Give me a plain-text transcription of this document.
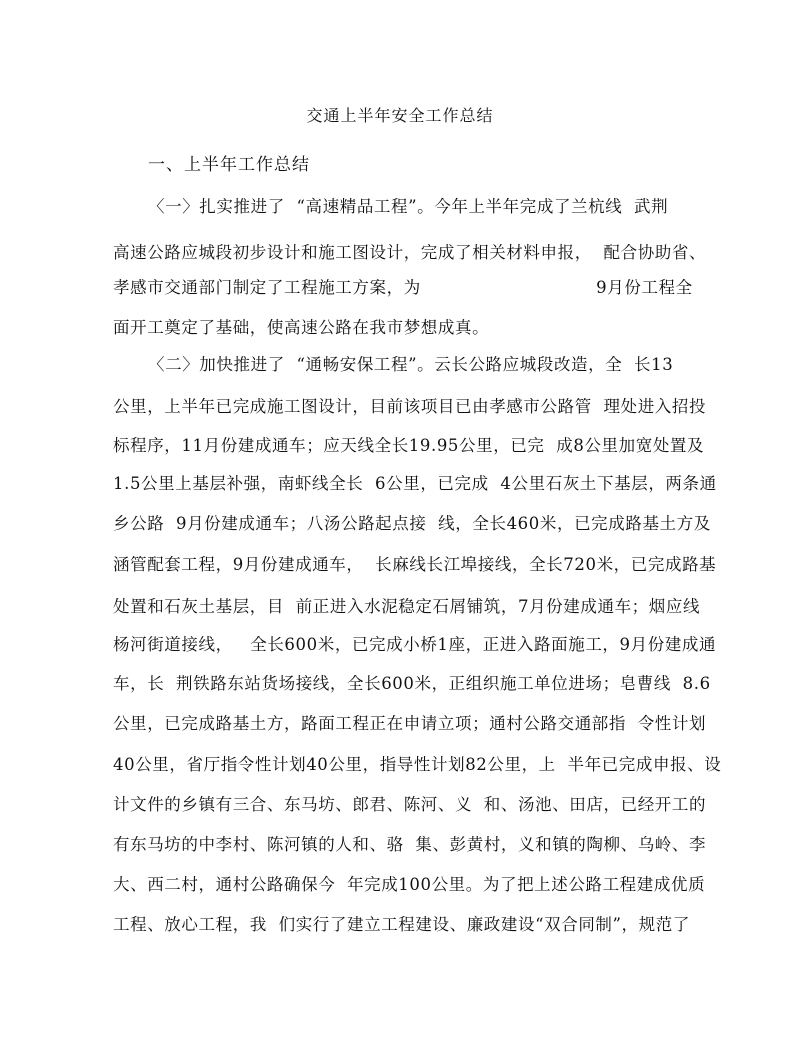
交通上半年安全工作总结
一、上半年工作总结
〈一〉扎实推进了  “高速精品工程”。今年上半年完成了兰杭线  武荆
高速公路应城段初步设计和施工图设计，完成了相关材料申报，  配合协助省、
孝感市交通部门制定了工程施工方案，为                              9月份工程全
面开工奠定了基础，使高速公路在我市梦想成真。
〈二〉加快推进了  “通畅安保工程”。云长公路应城段改造，全  长13
公里，上半年已完成施工图设计，目前该项目已由孝感市公路管  理处进入招投
标程序，11月份建成通车；应天线全长19.95公里，已完  成8公里加宽处置及
1.5公里上基层补强，南虾线全长  6公里，已完成  4公里石灰土下基层，两条通
乡公路  9月份建成通车；八汤公路起点接  线，全长460米，已完成路基土方及
涵管配套工程，9月份建成通车，  长麻线长江埠接线，全长720米，已完成路基
处置和石灰土基层，目  前正进入水泥稳定石屑铺筑，7月份建成通车；烟应线
杨河街道接线，   全长600米，已完成小桥1座，正进入路面施工，9月份建成通
车，长  荆铁路东站货场接线，全长600米，正组织施工单位进场；皂曹线  8.6
公里，已完成路基土方，路面工程正在申请立项；通村公路交通部指  令性计划
40公里，省厅指令性计划40公里，指导性计划82公里，上  半年已完成申报、设
计文件的乡镇有三合、东马坊、郎君、陈河、义  和、汤池、田店，已经开工的
有东马坊的中李村、陈河镇的人和、骆  集、彭黄村，义和镇的陶柳、乌岭、李
大、西二村，通村公路确保今  年完成100公里。为了把上述公路工程建成优质
工程、放心工程，我  们实行了建立工程建设、廉政建设“双合同制”，规范了
